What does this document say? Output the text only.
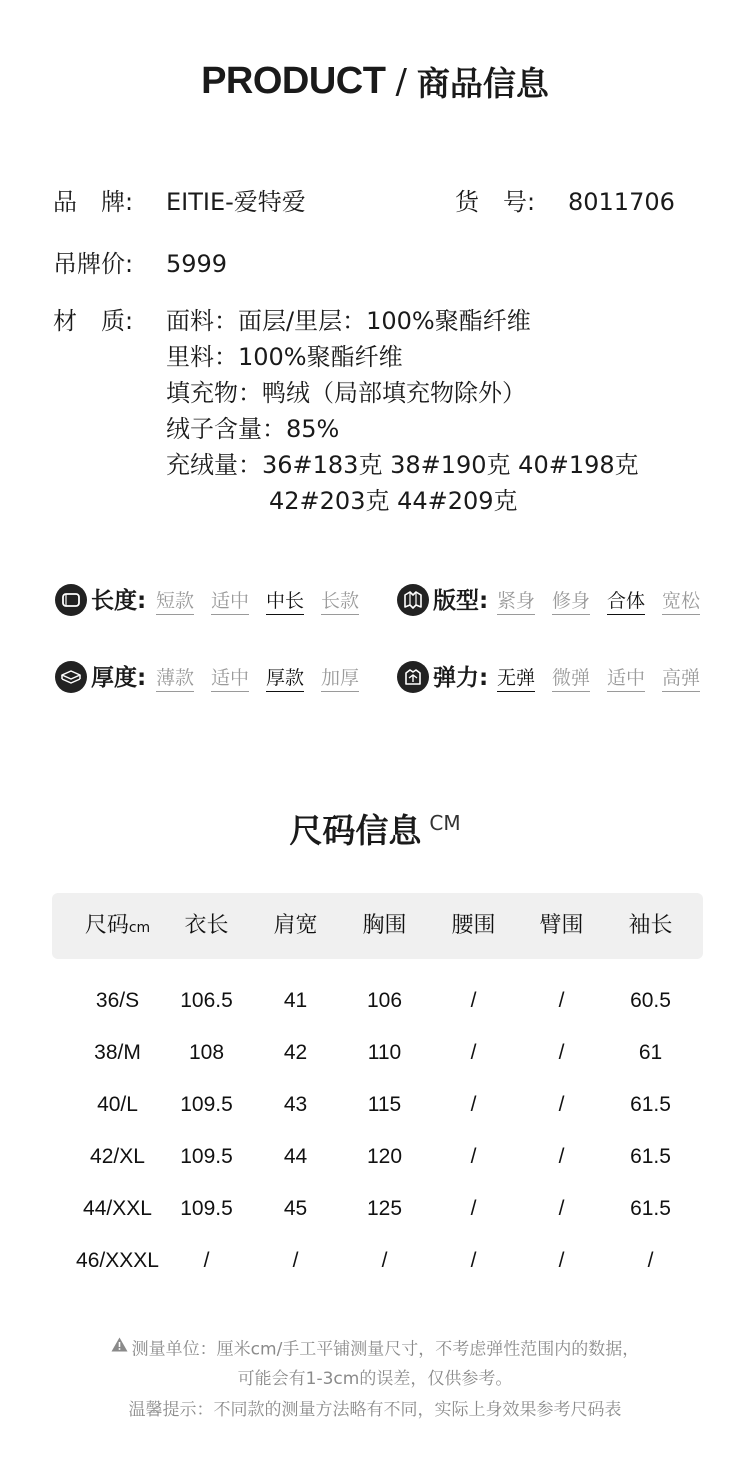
PRODUCT / 商品信息
品　牌: EITIE-爱特爱	货　号: 8011706
吊牌价: 5999
材　质: 面料：面层/里层：100%聚酯纤维
里料：100%聚酯纤维
填充物：鸭绒（局部填充物除外）
绒子含量：85%
充绒量：36#183克 38#190克 40#198克
42#203克 44#209克
长度: 短款 适中 中长 长款	版型: 紧身 修身 合体 宽松
厚度: 薄款 适中 厚款 加厚	弹力: 无弹 微弹 适中 高弹
尺码信息 CM
尺码cm	衣长	肩宽	胸围	腰围	臂围	袖长
36/S	106.5	41	106	/	/	60.5
38/M	108	42	110	/	/	61
40/L	109.5	43	115	/	/	61.5
42/XL	109.5	44	120	/	/	61.5
44/XXL	109.5	45	125	/	/	61.5
46/XXXL	/	/	/	/	/	/

测量单位：厘米cm/手工平铺测量尺寸，不考虑弹性范围内的数据，

可能会有1-3cm的误差，仅供参考。

温馨提示：不同款的测量方法略有不同，实际上身效果参考尺码表
